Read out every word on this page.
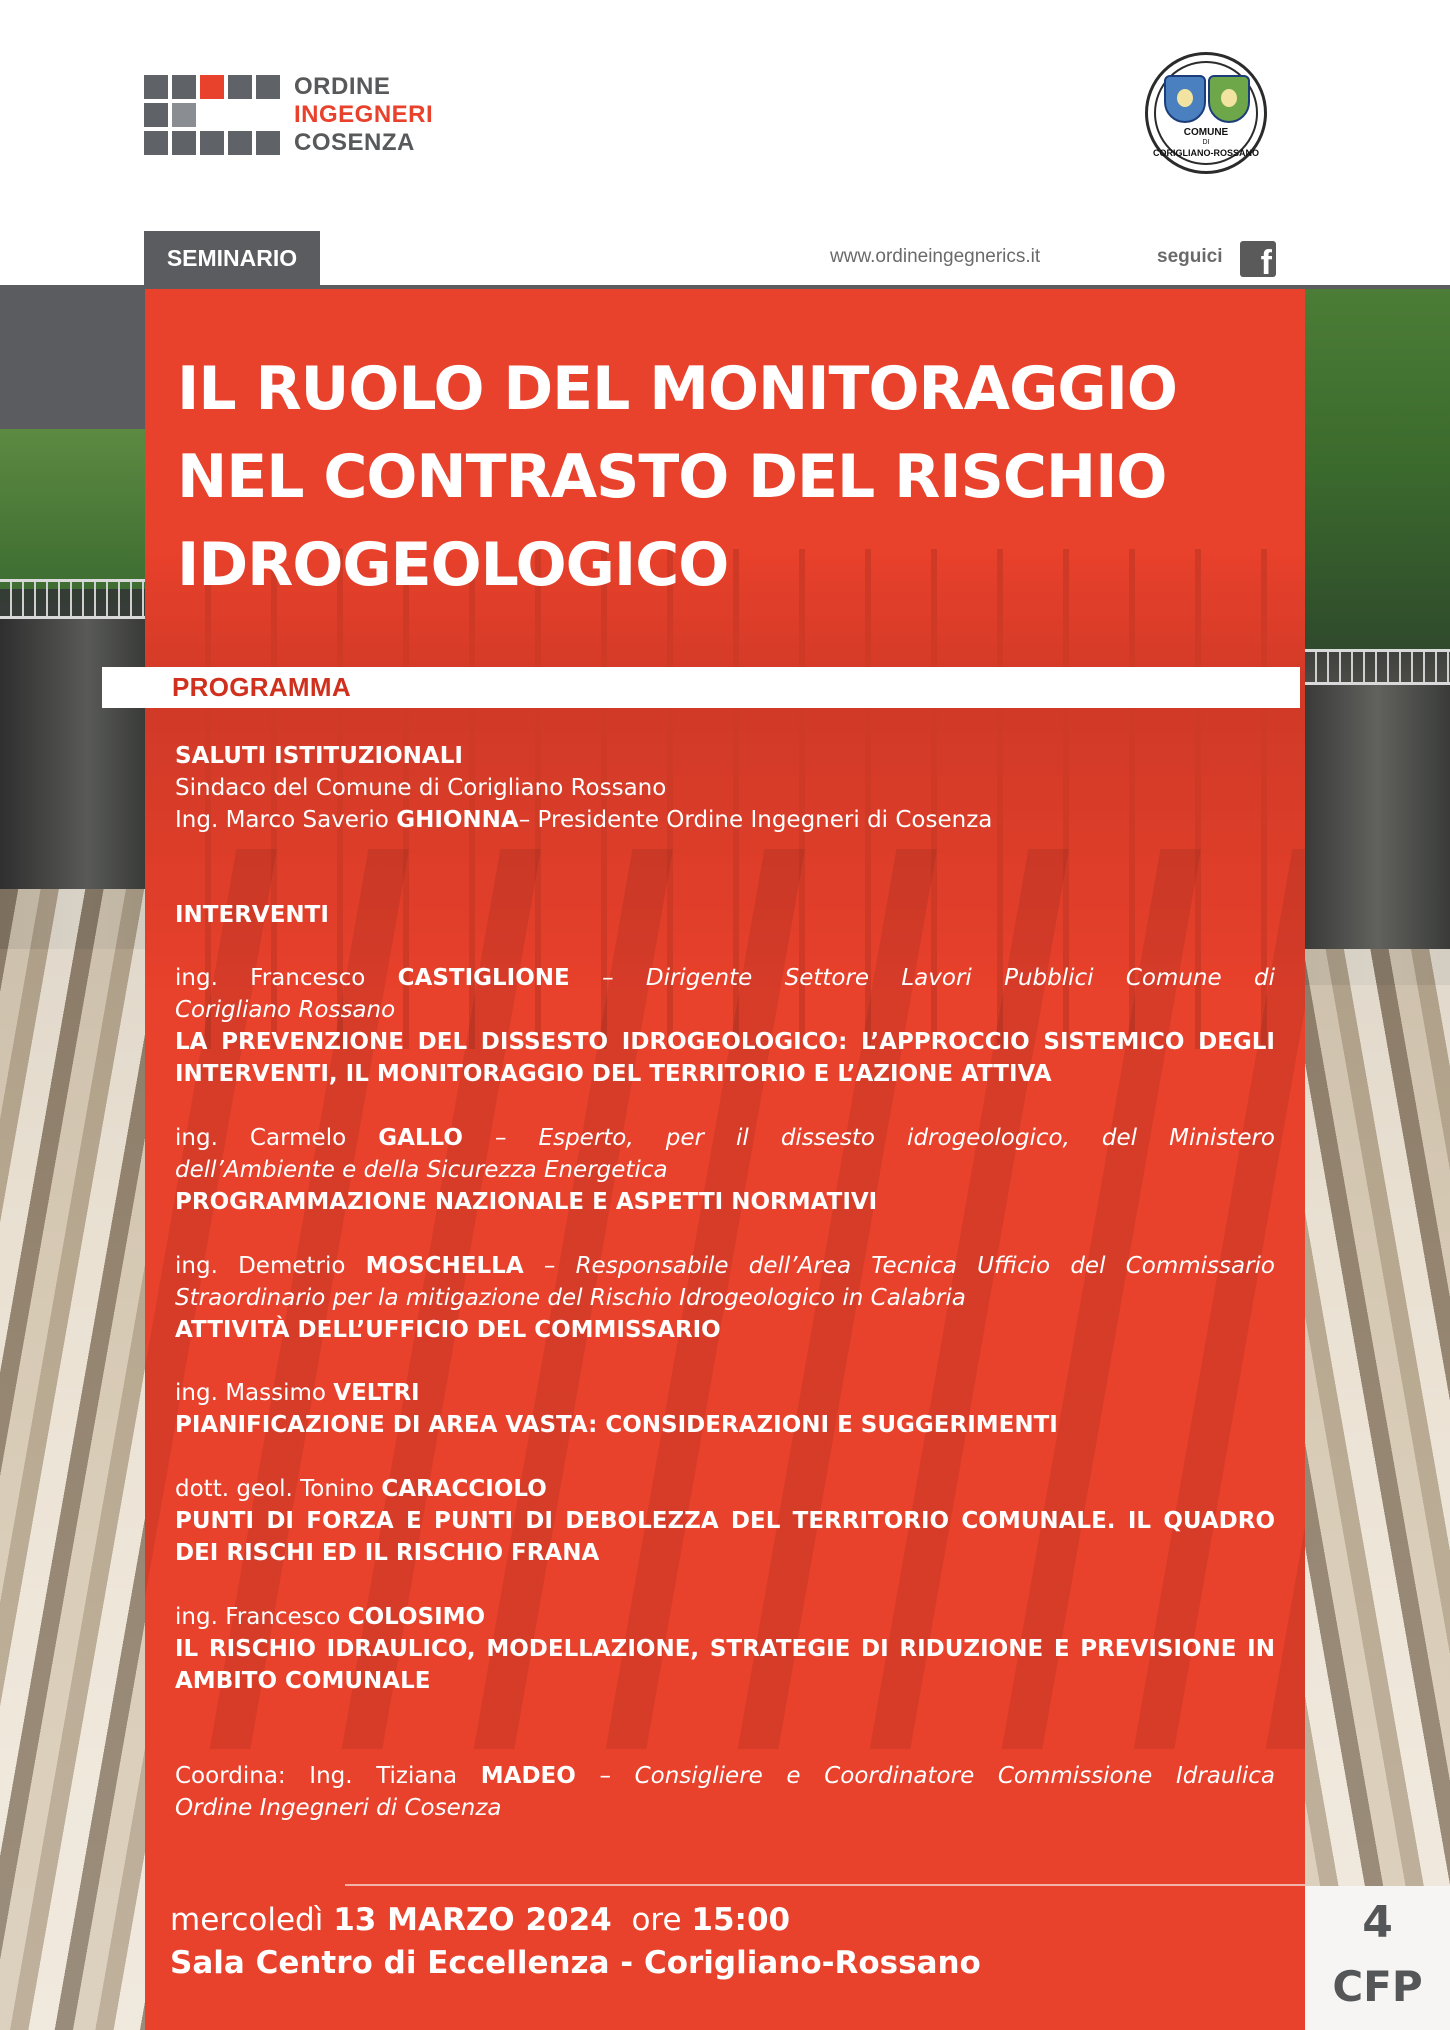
ORDINE
INGEGNERI
COSENZA	COMUNE
DI
CORIGLIANO-ROSSANO
SEMINARIO	www.ordineingegnerics.it	seguici	f
IL RUOLO DEL MONITORAGGIO
NEL CONTRASTO DEL RISCHIO
IDROGEOLOGICO
PROGRAMMA
SALUTI ISTITUZIONALI
Sindaco del Comune di Corigliano Rossano
Ing. Marco Saverio GHIONNA– Presidente Ordine Ingegneri di Cosenza
INTERVENTI
ing. Francesco CASTIGLIONE – Dirigente Settore Lavori Pubblici Comune di
Corigliano Rossano
LA PREVENZIONE DEL DISSESTO IDROGEOLOGICO: L’APPROCCIO SISTEMICO DEGLI
INTERVENTI, IL MONITORAGGIO DEL TERRITORIO E L’AZIONE ATTIVA
ing. Carmelo GALLO – Esperto, per il dissesto idrogeologico, del Ministero
dell’Ambiente e della Sicurezza Energetica
PROGRAMMAZIONE NAZIONALE E ASPETTI NORMATIVI
ing. Demetrio MOSCHELLA – Responsabile dell’Area Tecnica Ufficio del Commissario
Straordinario per la mitigazione del Rischio Idrogeologico in Calabria
ATTIVITÀ DELL’UFFICIO DEL COMMISSARIO
ing. Massimo VELTRI
PIANIFICAZIONE DI AREA VASTA: CONSIDERAZIONI E SUGGERIMENTI
dott. geol. Tonino CARACCIOLO
PUNTI DI FORZA E PUNTI DI DEBOLEZZA DEL TERRITORIO COMUNALE. IL QUADRO
DEI RISCHI ED IL RISCHIO FRANA
ing. Francesco COLOSIMO
IL RISCHIO IDRAULICO, MODELLAZIONE, STRATEGIE DI RIDUZIONE E PREVISIONE IN
AMBITO COMUNALE
Coordina: Ing. Tiziana MADEO – Consigliere e Coordinatore Commissione Idraulica
Ordine Ingegneri di Cosenza
mercoledì 13 MARZO 2024  ore 15:00
Sala Centro di Eccellenza - Corigliano-Rossano
4
CFP
